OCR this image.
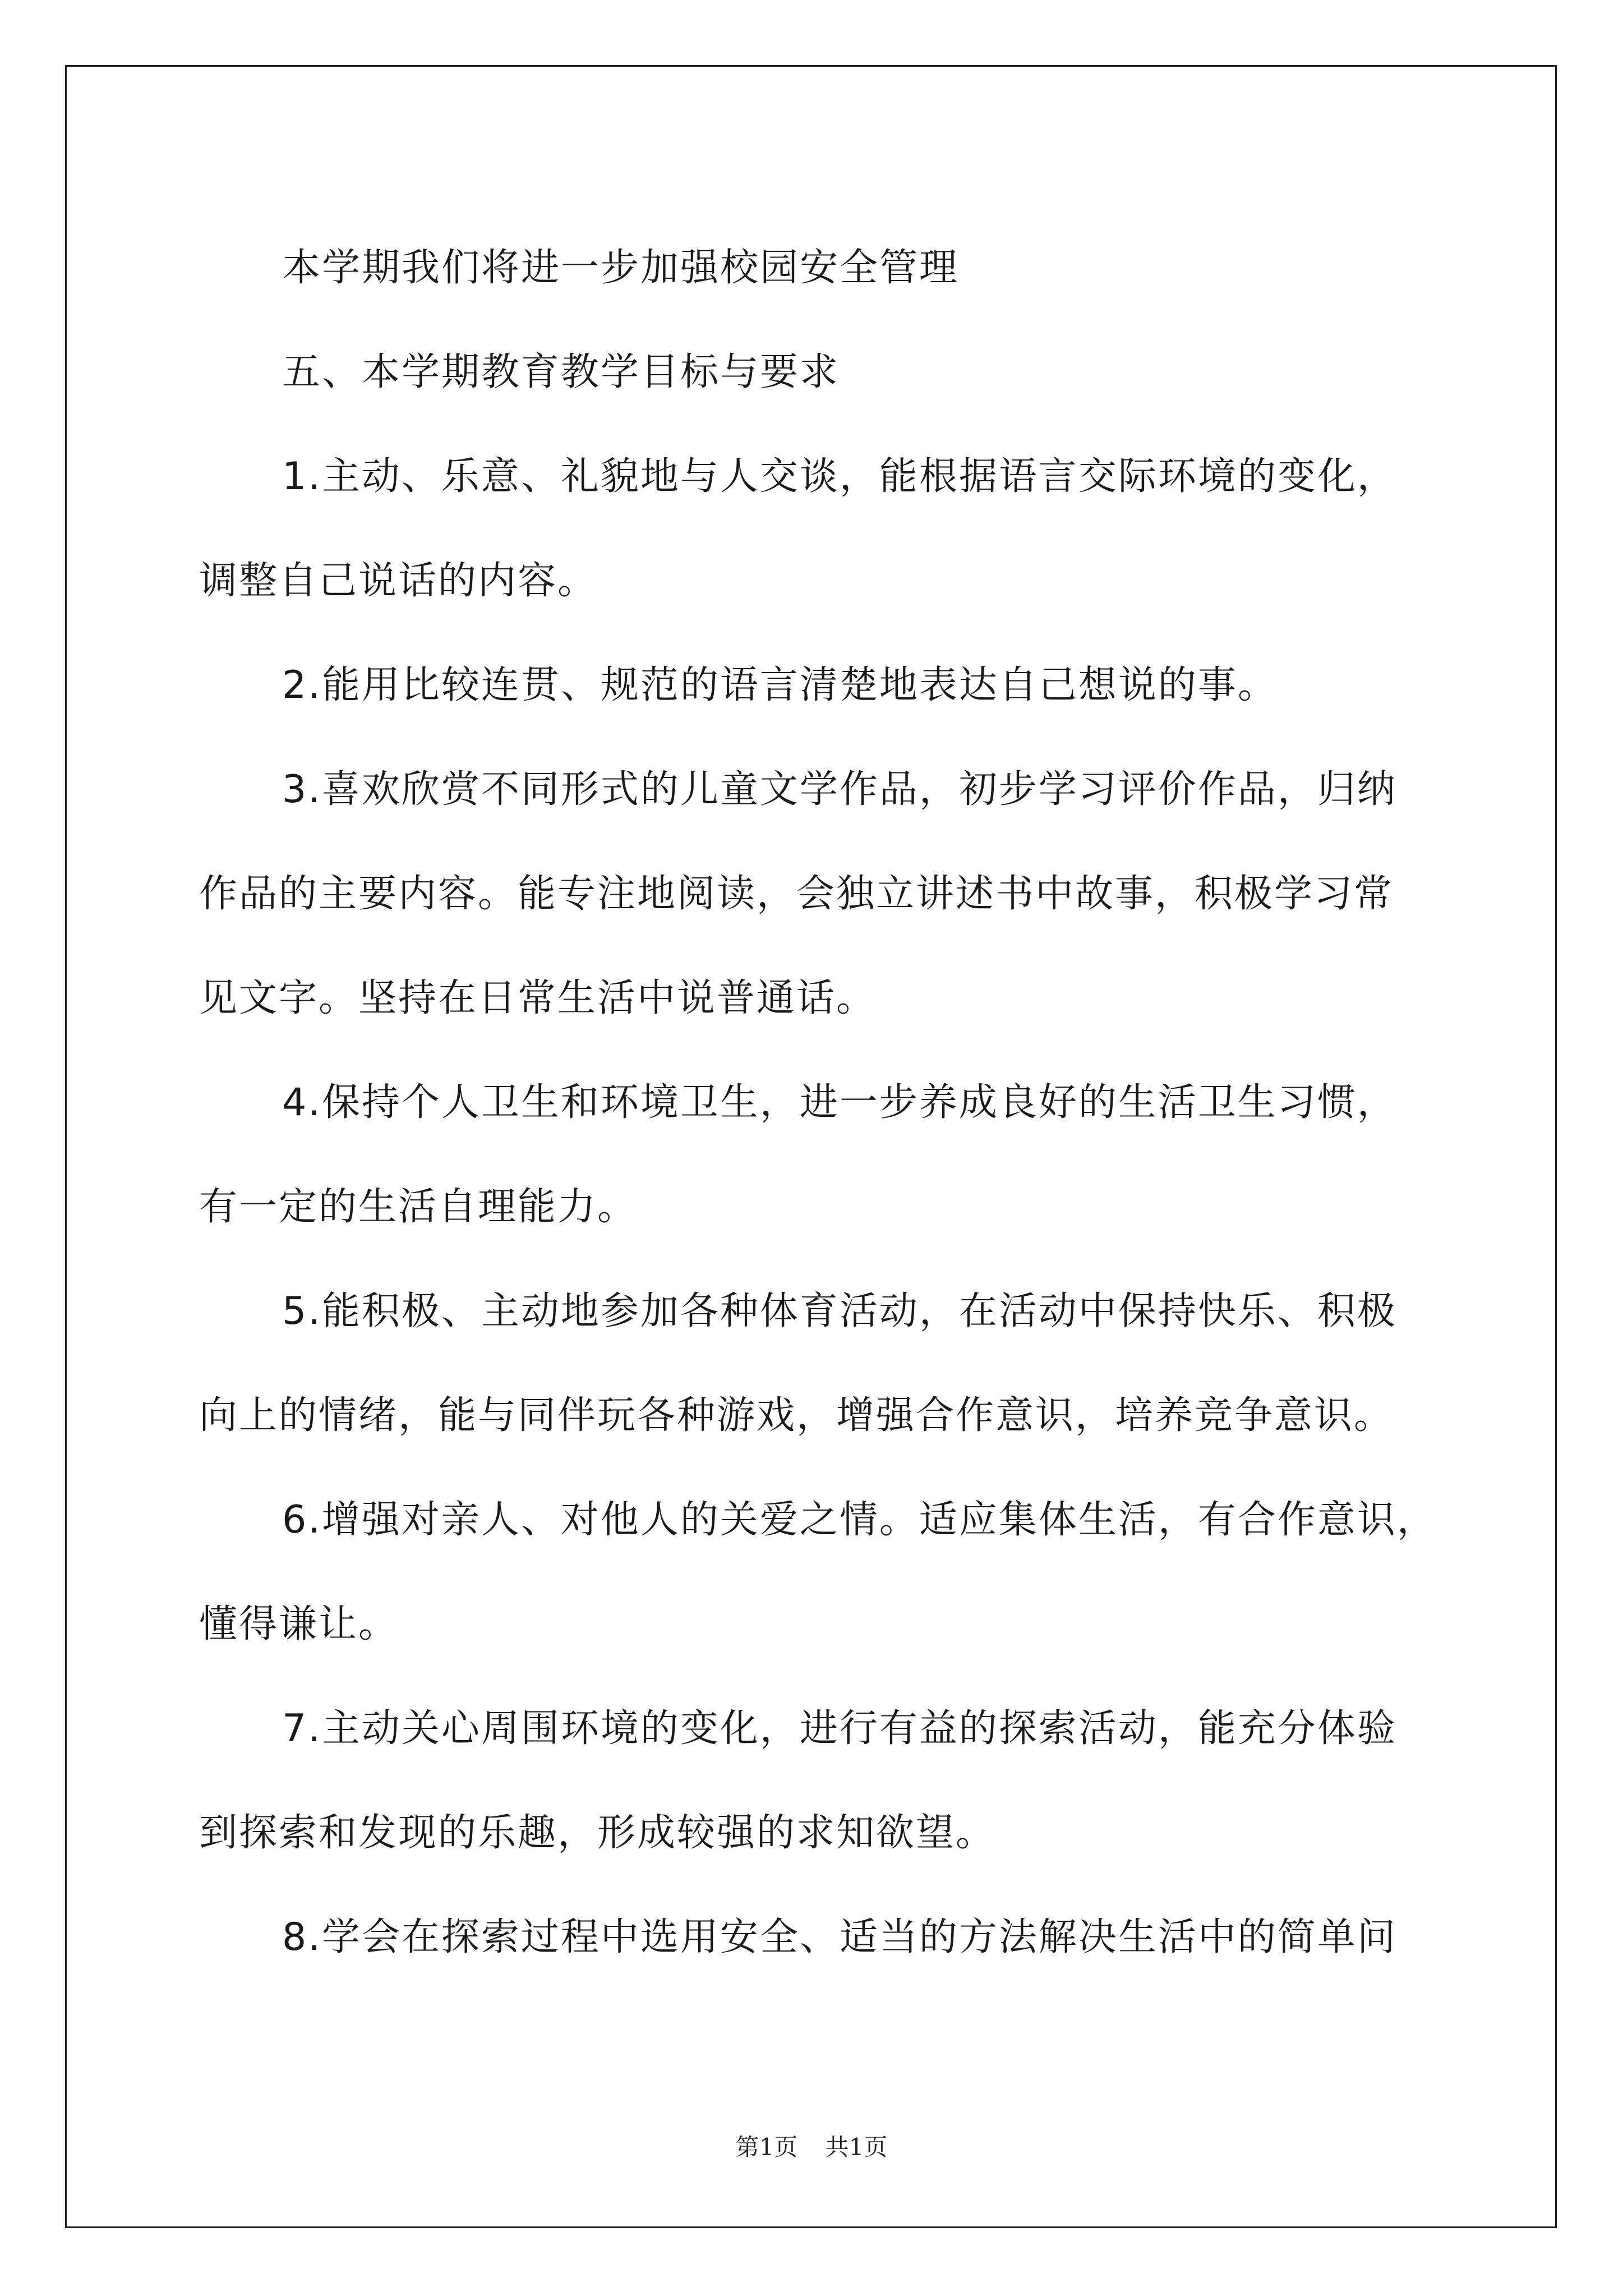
本学期我们将进一步加强校园安全管理

五、本学期教育教学目标与要求

1.主动、乐意、礼貌地与人交谈，能根据语言交际环境的变化，
调整自己说话的内容。

2.能用比较连贯、规范的语言清楚地表达自己想说的事。

3.喜欢欣赏不同形式的儿童文学作品，初步学习评价作品，归纳
作品的主要内容。能专注地阅读，会独立讲述书中故事，积极学习常
见文字。坚持在日常生活中说普通话。

4.保持个人卫生和环境卫生，进一步养成良好的生活卫生习惯，
有一定的生活自理能力。

5.能积极、主动地参加各种体育活动，在活动中保持快乐、积极
向上的情绪，能与同伴玩各种游戏，增强合作意识，培养竞争意识。

6.增强对亲人、对他人的关爱之情。适应集体生活，有合作意识，
懂得谦让。

7.主动关心周围环境的变化，进行有益的探索活动，能充分体验
到探索和发现的乐趣，形成较强的求知欲望。

8.学会在探索过程中选用安全、适当的方法解决生活中的简单问

第1页 共1页
